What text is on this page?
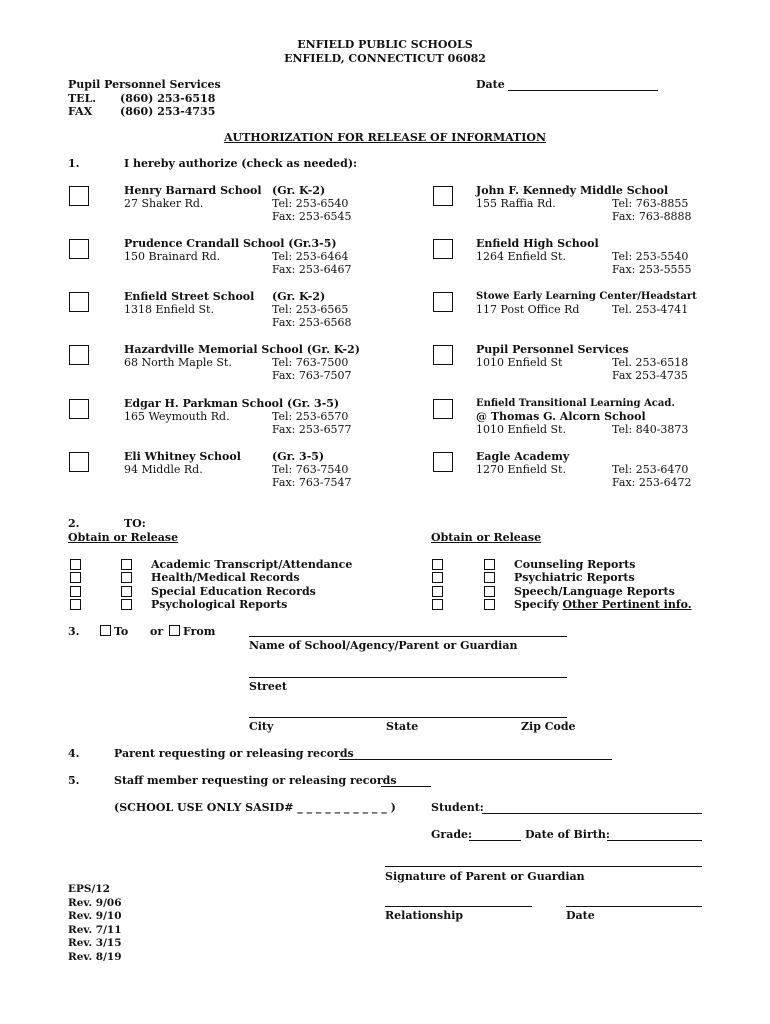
ENFIELD PUBLIC SCHOOLS
ENFIELD, CONNECTICUT 06082
Pupil Personnel Services
TEL. (860) 253-6518
FAX	(860) 253-4735
Date
AUTHORIZATION FOR RELEASE OF INFORMATION
1.	I hereby authorize (check as needed):
2.	TO:
Obtain or Release	Obtain or Release
3.	To or From
Name of School/Agency/Parent or Guardian
Street
City	State	Zip Code
4.	Parent requesting or releasing records
5.	Staff member requesting or releasing records
(SCHOOL USE ONLY SASID# _ _ _ _ _ _ _ _ _ _ )	Student:
Grade:	Date of Birth:
Signature of Parent or Guardian
Relationship	Date
Henry Barnard School (Gr. K-2)
27 Shaker Rd.	Tel: 253-6540
Fax: 253-6545
Prudence Crandall School (Gr.3-5)
150 Brainard Rd.	Tel: 253-6464
Fax: 253-6467
Enfield Street School (Gr. K-2)
1318 Enfield St.	Tel: 253-6565
Fax: 253-6568
Hazardville Memorial School (Gr. K-2)
68 North Maple St.	Tel: 763-7500
Fax: 763-7507
Edgar H. Parkman School (Gr. 3-5)
165 Weymouth Rd.	Tel: 253-6570
Fax: 253-6577
Eli Whitney School	(Gr. 3-5)
94 Middle Rd.	Tel: 763-7540
Fax: 763-7547
John F. Kennedy Middle School
155 Raffia Rd.	Tel: 763-8855
Fax: 763-8888
Enfield High School
1264 Enfield St.	Tel: 253-5540
Fax: 253-5555
Stowe Early Learning Center/Headstart
117 Post Office Rd	Tel. 253-4741
Pupil Personnel Services
1010 Enfield St	Tel. 253-6518
Fax 253-4735
Enfield Transitional Learning Acad.
@ Thomas G. Alcorn School
1010 Enfield St.	Tel: 840-3873
Eagle Academy
1270 Enfield St.	Tel: 253-6470
Fax: 253-6472
Academic Transcript/Attendance
Health/Medical Records
Special Education Records
Psychological Reports
Counseling Reports
Psychiatric Reports
Speech/Language Reports
Specify Other Pertinent info.
EPS/12
Rev. 9/06
Rev. 9/10
Rev. 7/11
Rev. 3/15
Rev. 8/19
